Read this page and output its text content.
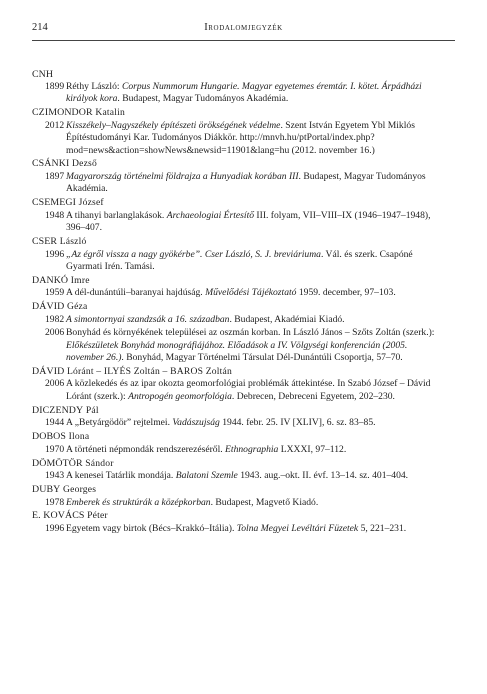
214	Irodalomjegyzék
CNH
1899 Réthy László: Corpus Nummorum Hungarie. Magyar egyetemes éremtár. I. kötet. Árpádházi királyok kora. Budapest, Magyar Tudományos Akadémia.
CZIMONDOR Katalin
2012 Kisszékely–Nagyszékely építészeti örökségének védelme. Szent István Egyetem Ybl Miklós Építéstudományi Kar. Tudományos Diákkör. http://mnvh.hu/ptPortal/index.php?mod=news&action=showNews&newsid=11901&lang=hu (2012. november 16.)
CSÁNKI Dezső
1897 Magyarország történelmi földrajza a Hunyadiak korában III. Budapest, Magyar Tudományos Akadémia.
CSEMEGI József
1948 A tihanyi barlanglakások. Archaeologiai Értesítő III. folyam, VII–VIII–IX (1946–1947–1948), 396–407.
CSER László
1996 „Az égről vissza a nagy gyökérbe”. Cser László, S. J. breviáriuma. Vál. és szerk. Csapóné Gyarmati Irén. Tamási.
DANKÓ Imre
1959 A dél-dunántúli–baranyai hajdúság. Művelődési Tájékoztató 1959. december, 97–103.
DÁVID Géza
1982 A simontornyai szandzsák a 16. században. Budapest, Akadémiai Kiadó.
2006 Bonyhád és környékének települései az oszmán korban. In László János – Szőts Zoltán (szerk.): Előkészületek Bonyhád monográfiájához. Előadások a IV. Völgységi konferencián (2005. november 26.). Bonyhád, Magyar Történelmi Társulat Dél-Dunántúli Csoportja, 57–70.
DÁVID Lóránt – ILYÉS Zoltán – BAROS Zoltán
2006 A közlekedés és az ipar okozta geomorfológiai problémák áttekintése. In Szabó József – Dávid Lóránt (szerk.): Antropogén geomorfológia. Debrecen, Debreceni Egyetem, 202–230.
DICZENDY Pál
1944 A „Betyárgödör” rejtelmei. Vadászujság 1944. febr. 25. IV [XLIV], 6. sz. 83–85.
DOBOS Ilona
1970 A történeti népmondák rendszerezéséről. Ethnographia LXXXI, 97–112.
DÖMÖTÖR Sándor
1943 A kenesei Tatárlik mondája. Balatoni Szemle 1943. aug.–okt. II. évf. 13–14. sz. 401–404.
DUBY Georges
1978 Emberek és struktúrák a középkorban. Budapest, Magvető Kiadó.
E. KOVÁCS Péter
1996 Egyetem vagy birtok (Bécs–Krakkó–Itália). Tolna Megyei Levéltári Füzetek 5, 221–231.
